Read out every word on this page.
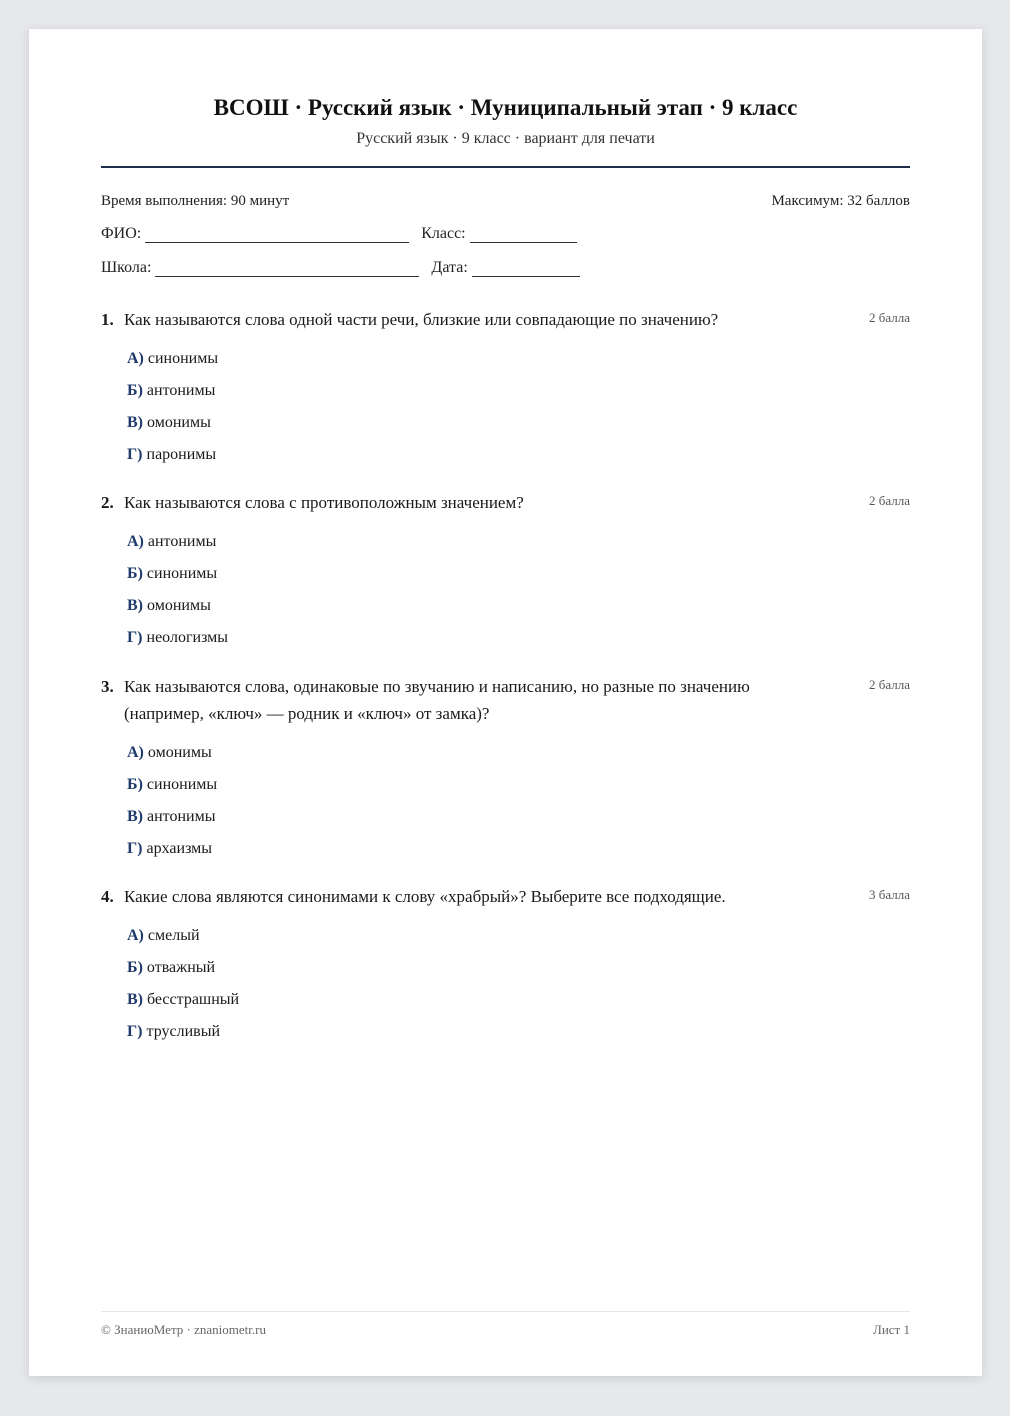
ВСОШ · Русский язык · Муниципальный этап · 9 класс
Русский язык · 9 класс · вариант для печати
Время выполнения: 90 минут	Максимум: 32 баллов
ФИО:	Класс:
Школа:	Дата:
1. Как называются слова одной части речи, близкие или совпадающие по значению?	2 балла
А) синонимы
Б) антонимы
В) омонимы
Г) паронимы
2. Как называются слова с противоположным значением?	2 балла
А) антонимы
Б) синонимы
В) омонимы
Г) неологизмы
3. Как называются слова, одинаковые по звучанию и написанию, но разные по значению (например, «ключ» — родник и «ключ» от замка)?
2 балла
А) омонимы
Б) синонимы
В) антонимы
Г) архаизмы
4. Какие слова являются синонимами к слову «храбрый»? Выберите все подходящие.	3 балла
А) смелый
Б) отважный
В) бесстрашный
Г) трусливый
© ЗнаниоМетр · znaniometr.ru	Лист 1
